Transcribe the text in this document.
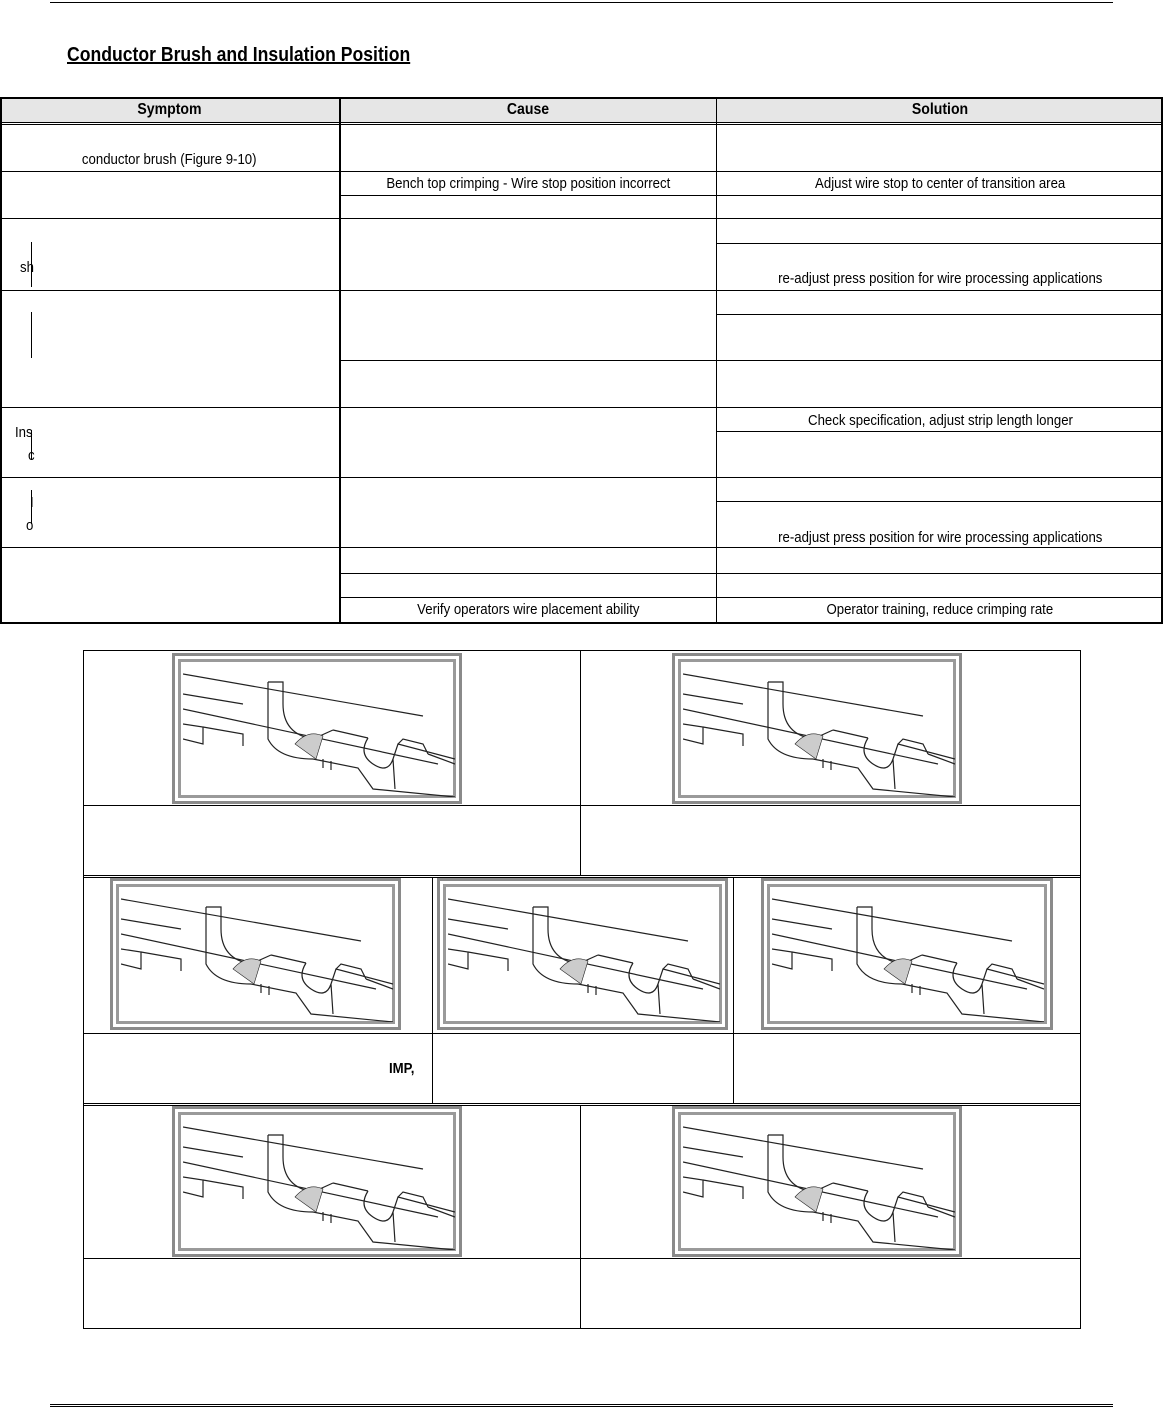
Conductor Brush and Insulation Position
Symptom	Cause	Solution
conductor brush (Figure 9-10)
sh
Ins
c
I
o
Bench top crimping - Wire stop position incorrect
Verify operators wire placement ability
Adjust wire stop to center of transition area
re-adjust press position for wire processing applications
Check specification, adjust strip length longer
re-adjust press position for wire processing applications
Operator training, reduce crimping rate
IMP,
